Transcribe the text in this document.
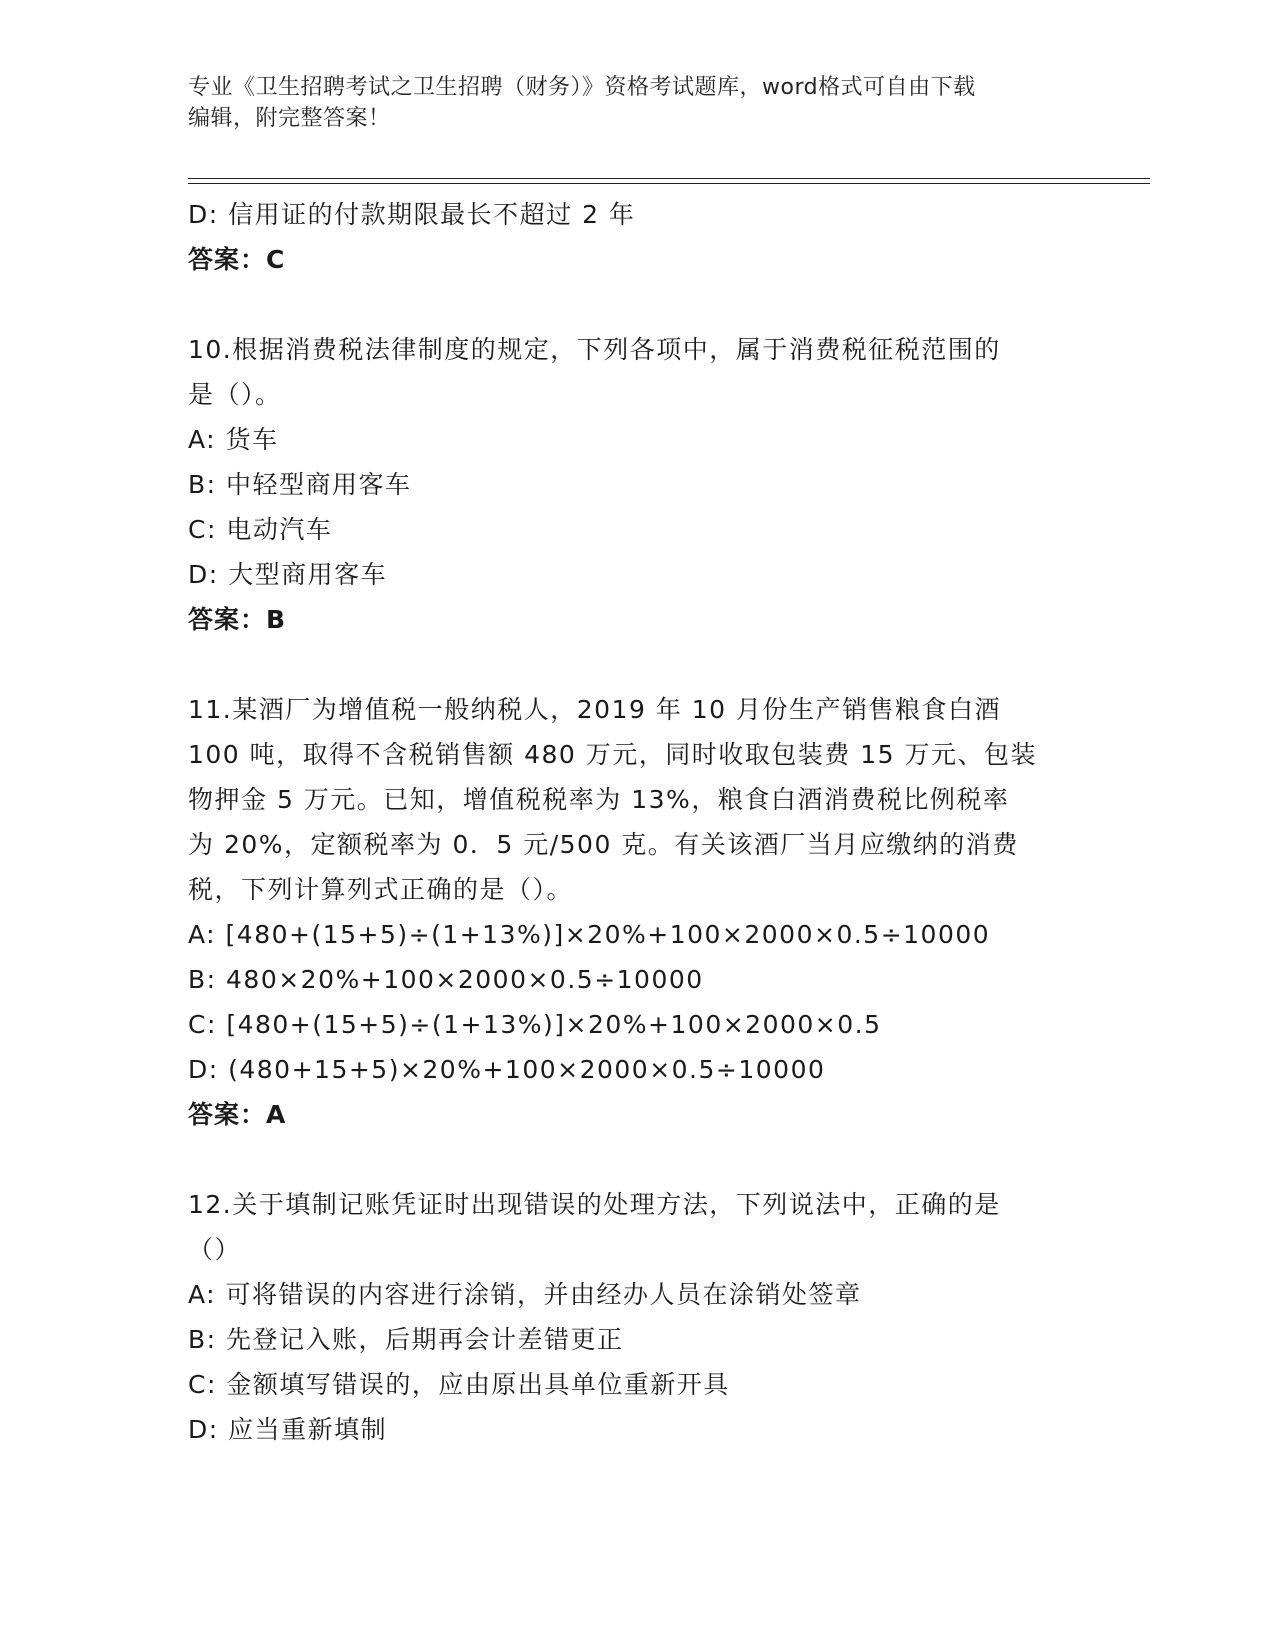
专业《卫生招聘考试之卫生招聘（财务）》资格考试题库，word格式可自由下载
编辑，附完整答案！
D: 信用证的付款期限最长不超过 2 年
答案：C
10.根据消费税法律制度的规定，下列各项中，属于消费税征税范围的
是（）。
A: 货车
B: 中轻型商用客车
C: 电动汽车
D: 大型商用客车
答案：B
11.某酒厂为增值税一般纳税人，2019 年 10 月份生产销售粮食白酒
100 吨，取得不含税销售额 480 万元，同时收取包装费 15 万元、包装
物押金 5 万元。已知，增值税税率为 13%，粮食白酒消费税比例税率
为 20%，定额税率为 0．5 元/500 克。有关该酒厂当月应缴纳的消费
税，下列计算列式正确的是（）。
A: [480+(15+5)÷(1+13%)]×20%+100×2000×0.5÷10000
B: 480×20%+100×2000×0.5÷10000
C: [480+(15+5)÷(1+13%)]×20%+100×2000×0.5
D: (480+15+5)×20%+100×2000×0.5÷10000
答案：A
12.关于填制记账凭证时出现错误的处理方法，下列说法中，正确的是
（）
A: 可将错误的内容进行涂销，并由经办人员在涂销处签章
B: 先登记入账，后期再会计差错更正
C: 金额填写错误的，应由原出具单位重新开具
D: 应当重新填制
